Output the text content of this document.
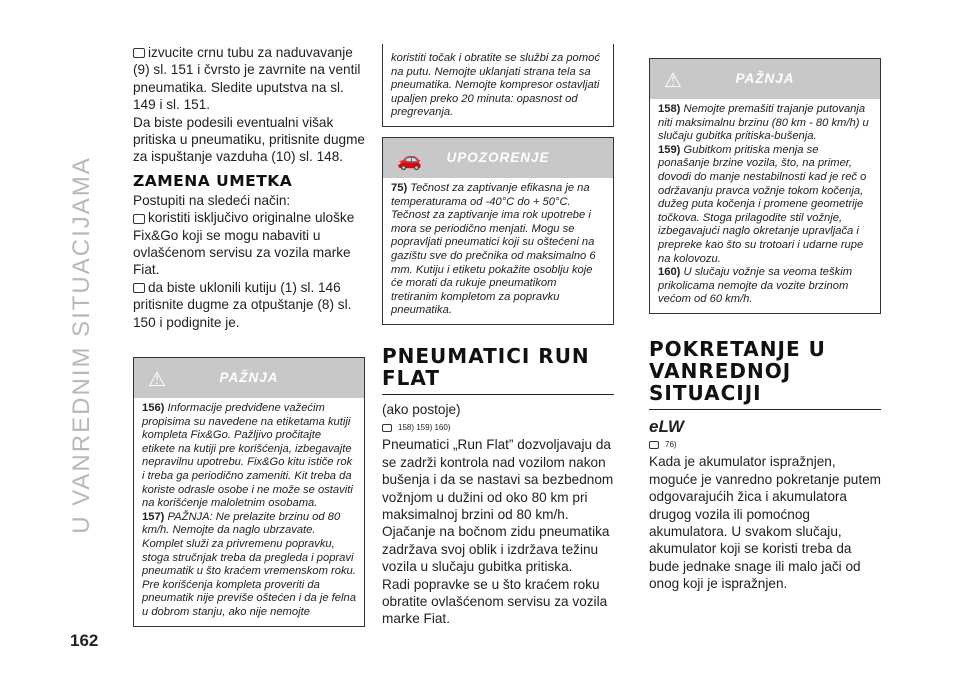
U VANREDNIM SITUACIJAMA

izvucite crnu tubu za naduvavanje (9) sl. 151 i čvrsto je zavrnite na ventil pneumatika. Sledite uputstva na sl. 149 i sl. 151.

Da biste podesili eventualni višak pritiska u pneumatiku, pritisnite dugme za ispuštanje vazduha (10) sl. 148.

ZAMENA UMETKA

Postupiti na sledeći način:

koristiti isključivo originalne uloške Fix&Go koji se mogu nabaviti u ovlašćenom servisu za vozila marke Fiat.

da biste uklonili kutiju (1) sl. 146 pritisnite dugme za otpuštanje (8) sl. 150 i podignite je.

⚠	PAŽNJA

156) Informacije predviđene važećim propisima su navedene na etiketama kutiji kompleta Fix&Go. Pažljivo pročitajte etikete na kutiji pre korišćenja, izbegavajte nepravilnu upotrebu. Fix&Go kitu ističe rok i treba ga periodično zameniti. Kit treba da koriste odrasle osobe i ne može se ostaviti na korišćenje maloletnim osobama.

157) PAŽNJA: Ne prelazite brzinu od 80 km/h. Nemojte da naglo ubrzavate. Komplet služi za privremenu popravku, stoga stručnjak treba da pregleda i popravi pneumatik u što kraćem vremenskom roku. Pre korišćenja kompleta proveriti da pneumatik nije previše oštećen i da je felna u dobrom stanju, ako nije nemojte

koristiti točak i obratite se službi za pomoć na putu. Nemojte uklanjati strana tela sa pneumatika. Nemojte kompresor ostavljati upaljen preko 20 minuta: opasnost od pregrevanja.

🚗	UPOZORENJE

75) Tečnost za zaptivanje efikasna je na temperaturama od -40°C do + 50°C. Tečnost za zaptivanje ima rok upotrebe i mora se periodično menjati. Mogu se popravljati pneumatici koji su oštećeni na gazištu sve do prečnika od maksimalno 6 mm. Kutiju i etiketu pokažite osoblju koje će morati da rukuje pneumatikom tretiranim kompletom za popravku pneumatika.

PNEUMATICI RUN FLAT

(ako postoje)

158) 159) 160)

Pneumatici „Run Flat” dozvoljavaju da se zadrži kontrola nad vozilom nakon bušenja i da se nastavi sa bezbednom vožnjom u dužini od oko 80 km pri maksimalnoj brzini od 80 km/h.

Ojačanje na bočnom zidu pneumatika zadržava svoj oblik i izdržava težinu vozila u slučaju gubitka pritiska.

Radi popravke se u što kraćem roku obratite ovlašćenom servisu za vozila marke Fiat.

⚠	PAŽNJA

158) Nemojte premašiti trajanje putovanja niti maksimalnu brzinu (80 km - 80 km/h) u slučaju gubitka pritiska-bušenja.

159) Gubitkom pritiska menja se ponašanje brzine vozila, što, na primer, dovodi do manje nestabilnosti kad je reč o održavanju pravca vožnje tokom kočenja, dužeg puta kočenja i promene geometrije točkova. Stoga prilagodite stil vožnje, izbegavajući naglo okretanje upravljača i prepreke kao što su trotoari i udarne rupe na kolovozu.

160) U slučaju vožnje sa veoma teškim prikolicama nemojte da vozite brzinom većom od 60 km/h.

POKRETANJE U VANREDNOJ SITUACIJI

eLW

76)

Kada je akumulator ispražnjen, moguće je vanredno pokretanje putem odgovarajućih žica i akumulatora drugog vozila ili pomoćnog akumulatora. U svakom slučaju, akumulator koji se koristi treba da bude jednake snage ili malo jači od onog koji je ispražnjen.

162
